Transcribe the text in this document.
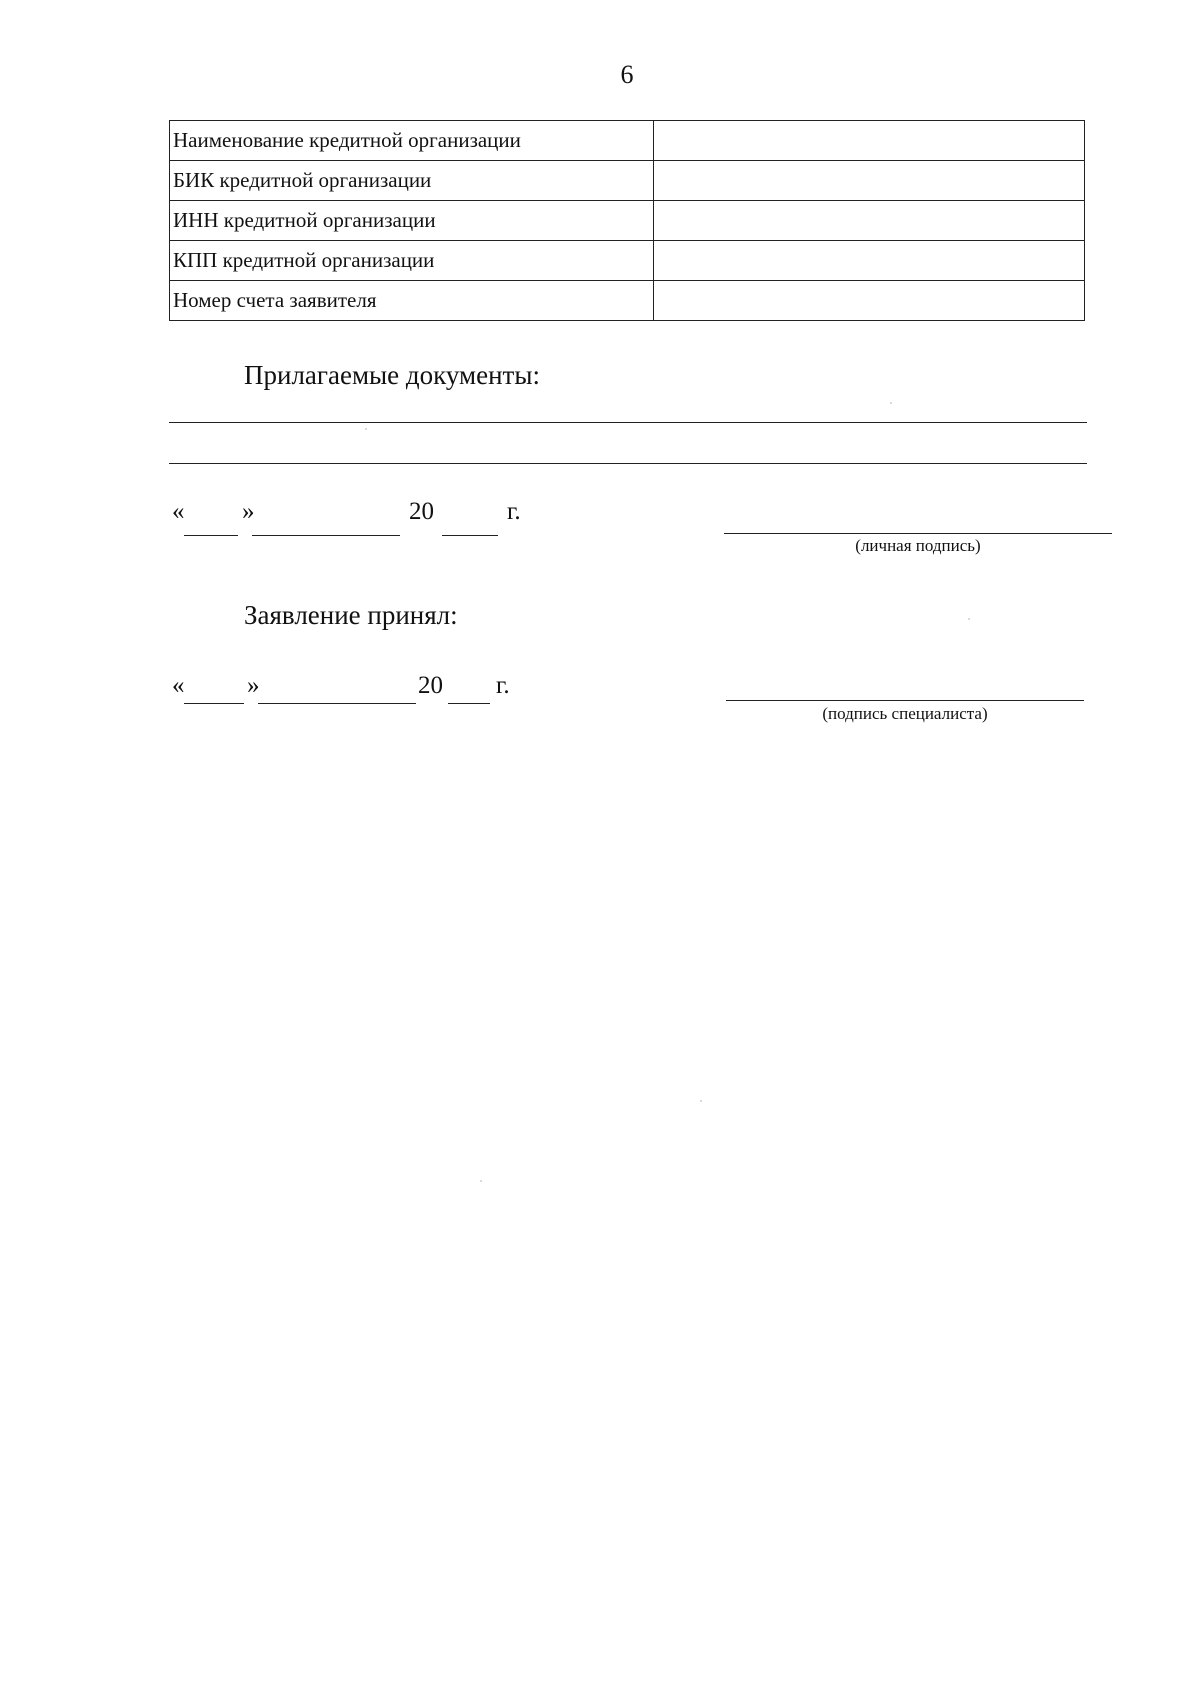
6
Наименование кредитной организации	
БИК кредитной организации	
ИНН кредитной организации	
КПП кредитной организации	
Номер счета заявителя	
Прилагаемые документы:
« »	20	г.
(личная подпись)
Заявление принял:
«	»	20 г.
(подпись специалиста)
